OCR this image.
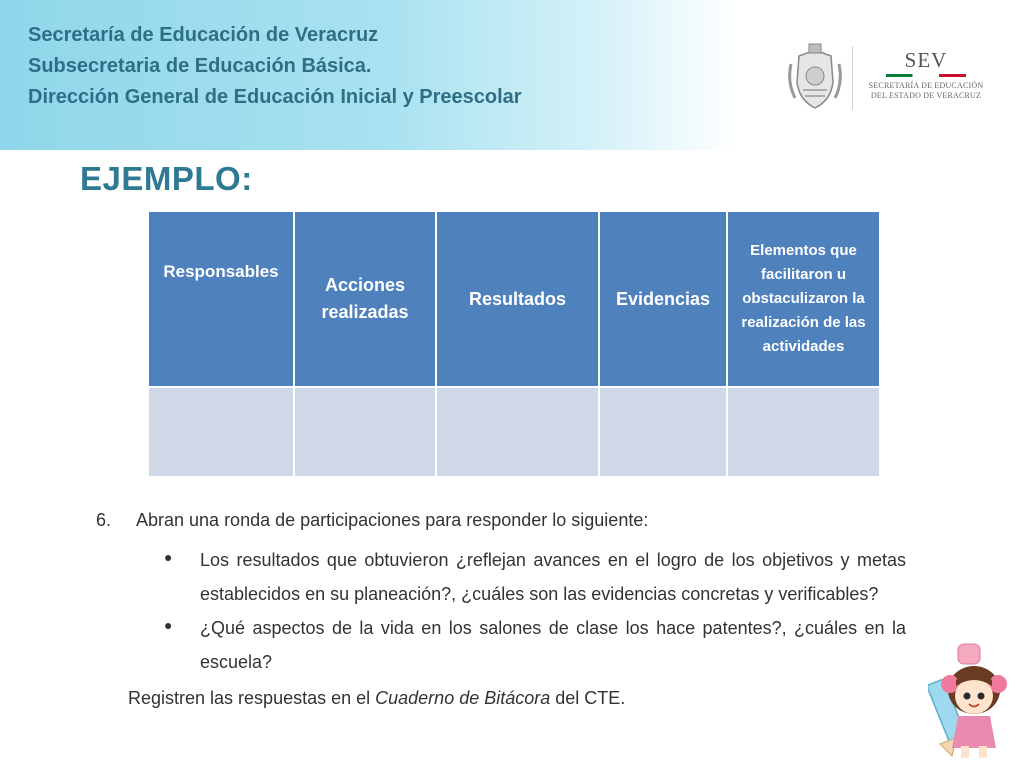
Secretaría de Educación de Veracruz
Subsecretaria de Educación Básica.
Dirección General de Educación Inicial y Preescolar
SEV
SECRETARÍA DE EDUCACIÓN
DEL ESTADO DE VERACRUZ
EJEMPLO:
Responsables	Acciones realizadas	Resultados	Evidencias	Elementos que facilitaron u obstaculizaron la realización de las actividades

6.	Abran una ronda de participaciones para responder lo siguiente:
●	Los resultados que obtuvieron ¿reflejan avances en el logro de los objetivos y metas establecidos en su planeación?, ¿cuáles son las evidencias concretas y verificables?
●	¿Qué aspectos de la vida en los salones de clase los hace patentes?, ¿cuáles en la escuela?
Registren las respuestas en el Cuaderno de Bitácora del CTE.
